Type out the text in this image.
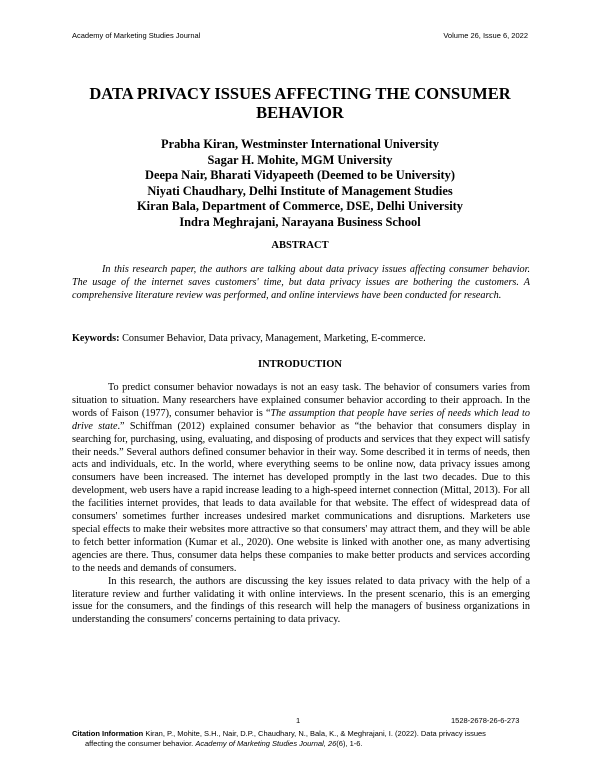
Academy of Marketing Studies Journal	Volume 26, Issue 6, 2022
DATA PRIVACY ISSUES AFFECTING THE CONSUMER BEHAVIOR
Prabha Kiran, Westminster International University
Sagar H. Mohite, MGM University
Deepa Nair, Bharati Vidyapeeth (Deemed to be University)
Niyati Chaudhary, Delhi Institute of Management Studies
Kiran Bala, Department of Commerce, DSE, Delhi University
Indra Meghrajani, Narayana Business School
ABSTRACT
In this research paper, the authors are talking about data privacy issues affecting consumer behavior. The usage of the internet saves customers' time, but data privacy issues are bothering the customers. A comprehensive literature review was performed, and online interviews have been conducted for research.
Keywords: Consumer Behavior, Data privacy, Management, Marketing, E-commerce.
INTRODUCTION

To predict consumer behavior nowadays is not an easy task. The behavior of consumers varies from situation to situation. Many researchers have explained consumer behavior according to their approach. In the words of Faison (1977), consumer behavior is “The assumption that people have series of needs which lead to drive state.” Schiffman (2012) explained consumer behavior as “the behavior that consumers display in searching for, purchasing, using, evaluating, and disposing of products and services that they expect will satisfy their needs.” Several authors defined consumer behavior in their way. Some described it in terms of needs, then acts and individuals, etc. In the world, where everything seems to be online now, data privacy issues among consumers have been increased. The internet has developed promptly in the last two decades. Due to this development, web users have a rapid increase leading to a high-speed internet connection (Mittal, 2013). For all the facilities internet provides, that leads to data available for that website. The effect of widespread data of consumers' sometimes further increases undesired market communications and disruptions. Marketers use special effects to make their websites more attractive so that consumers' may attract them, and they will be able to fetch better information (Kumar et al., 2020). One website is linked with another one, as many advertising agencies are there. Thus, consumer data helps these companies to make better products and services according to the needs and demands of consumers.

In this research, the authors are discussing the key issues related to data privacy with the help of a literature review and further validating it with online interviews. In the present scenario, this is an emerging issue for the consumers, and the findings of this research will help the managers of business organizations in understanding the consumers' concerns pertaining to data privacy.

1	1528-2678-26-6-273
Citation Information Kiran, P., Mohite, S.H., Nair, D.P., Chaudhary, N., Bala, K., & Meghrajani, I. (2022). Data privacy issues
affecting the consumer behavior. Academy of Marketing Studies Journal, 26(6), 1-6.
